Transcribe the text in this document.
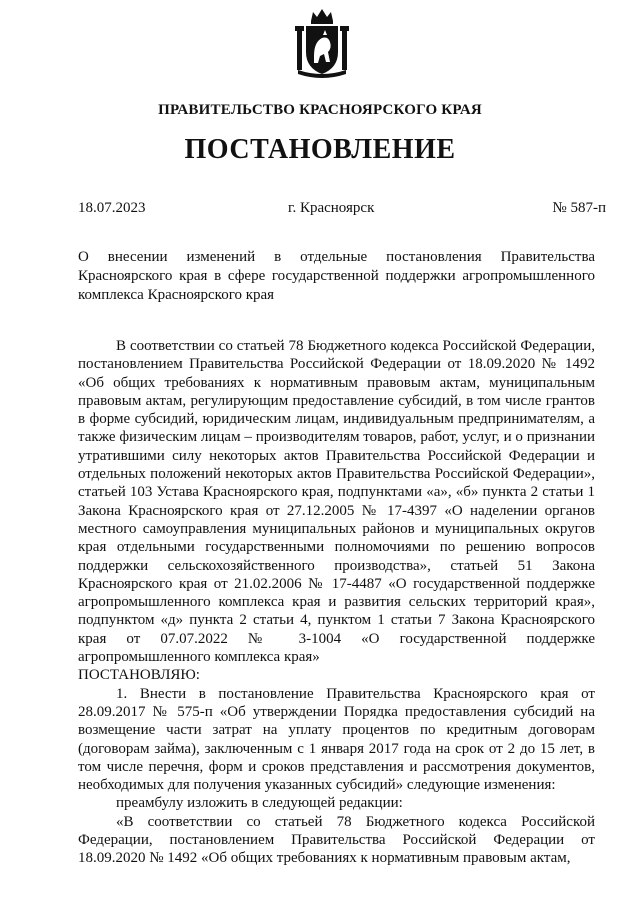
ПРАВИТЕЛЬСТВО КРАСНОЯРСКОГО КРАЯ
ПОСТАНОВЛЕНИЕ
18.07.2023	г. Красноярск	№ 587-п
О внесении изменений в отдельные постановления Правительства Красноярского края в сфере государственной поддержки агропромышленного комплекса Красноярского края

В соответствии со статьей 78 Бюджетного кодекса Российской Федерации, постановлением Правительства Российской Федерации от 18.09.2020 № 1492 «Об общих требованиях к нормативным правовым актам, муниципальным правовым актам, регулирующим предоставление субсидий, в том числе грантов в форме субсидий, юридическим лицам, индивидуальным предпринимателям, а также физическим лицам – производителям товаров, работ, услуг, и о признании утратившими силу некоторых актов Правительства Российской Федерации и отдельных положений некоторых актов Правительства Российской Федерации», статьей 103 Устава Красноярского края, подпунктами «а», «б» пункта 2 статьи 1 Закона Красноярского края от 27.12.2005 № 17-4397 «О наделении органов местного самоуправления муниципальных районов и муниципальных округов края отдельными государственными полномочиями по решению вопросов поддержки сельскохозяйственного производства», статьей 51 Закона Красноярского края от 21.02.2006 № 17-4487 «О государственной поддержке агропромышленного комплекса края и развития сельских территорий края», подпунктом «д» пункта 2 статьи 4, пунктом 1 статьи 7 Закона Красноярского края от 07.07.2022 № 3-1004 «О государственной поддержке агропромышленного комплекса края»

ПОСТАНОВЛЯЮ:

1. Внести в постановление Правительства Красноярского края от 28.09.2017 № 575-п «Об утверждении Порядка предоставления субсидий на возмещение части затрат на уплату процентов по кредитным договорам (договорам займа), заключенным с 1 января 2017 года на срок от 2 до 15 лет, в том числе перечня, форм и сроков представления и рассмотрения документов, необходимых для получения указанных субсидий» следующие изменения:

преамбулу изложить в следующей редакции:

«В соответствии со статьей 78 Бюджетного кодекса Российской Федерации, постановлением Правительства Российской Федерации от 18.09.2020 № 1492 «Об общих требованиях к нормативным правовым актам,
